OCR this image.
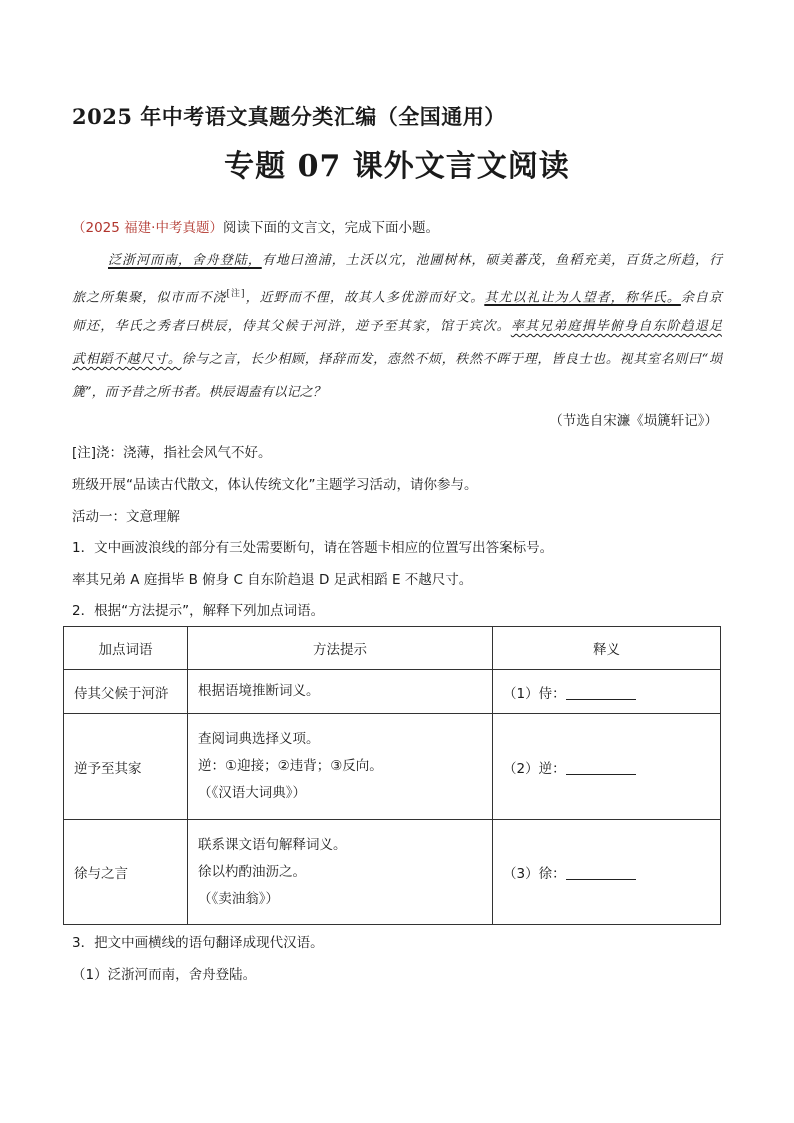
2025 年中考语文真题分类汇编（全国通用）
专题 07 课外文言文阅读
（2025 福建·中考真题）阅读下面的文言文，完成下面小题。
泛浙河而南，舍舟登陆，有地曰渔浦，土沃以宂，池圃树林，硕美蕃茂，鱼稻充美，百货之所趋，行
旅之所集聚，似市而不浇[注]，近野而不俚，故其人多优游而好文。其尤以礼让为人望者，称华氏。余自京
师还，华氏之秀者曰栱辰，侍其父候于河浒，逆予至其家，馆于宾次。率其兄弟庭揖毕俯身自东阶趋退足
武相蹈不越尺寸。徐与之言，长少相顾，择辞而发，悫然不烦，秩然不晖于理，皆良士也。视其室名则曰“埙
篪”，而予昔之所书者。栱辰谒盍有以记之？
（节选自宋濂《埙篪轩记》）
[注]浇：浇薄，指社会风气不好。
班级开展“品读古代散文，体认传统文化”主题学习活动，请你参与。
活动一：文意理解
1．文中画波浪线的部分有三处需要断句，请在答题卡相应的位置写出答案标号。
率其兄弟 A 庭揖毕 B 俯身 C 自东阶趋退 D 足武相蹈 E 不越尺寸。
2．根据“方法提示”，解释下列加点词语。
加点词语	方法提示	释义
侍其父候于河浒	根据语境推断词义。	（1）侍：
逆予至其家	查阅词典选择义项。
逆：①迎接；②违背；③反向。
（《汉语大词典》）	（2）逆：
徐与之言	联系课文语句解释词义。
徐以杓酌油沥之。
（《卖油翁》）	（3）徐：
3．把文中画横线的语句翻译成现代汉语。
（1）泛浙河而南，舍舟登陆。
